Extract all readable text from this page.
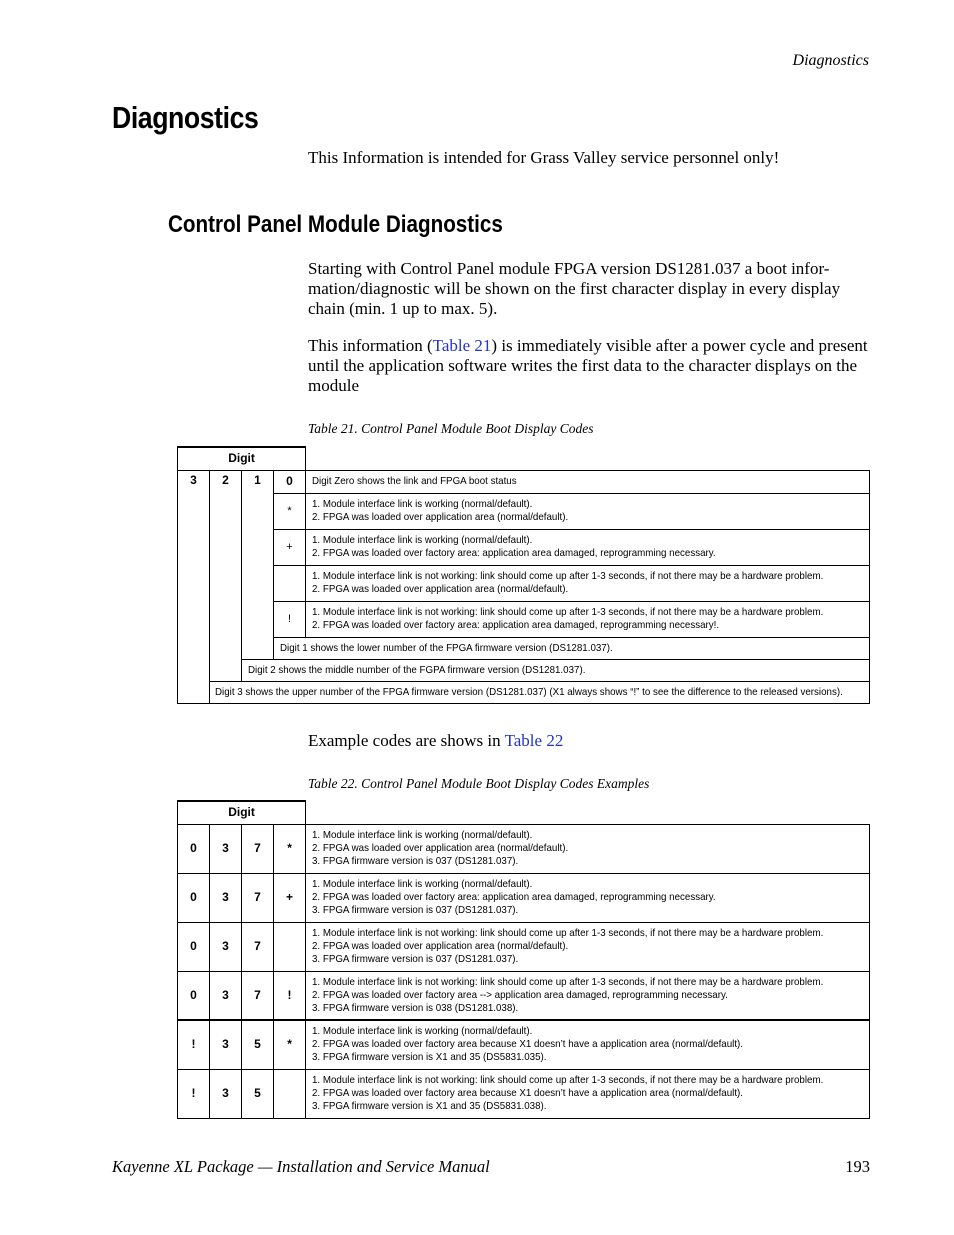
Diagnostics
Diagnostics
This Information is intended for Grass Valley service personnel only!
Control Panel Module Diagnostics
Starting with Control Panel module FPGA version DS1281.037 a boot infor- mation/diagnostic will be shown on the first character display in every display chain (min. 1 up to max. 5).
This information (Table 21) is immediately visible after a power cycle and present until the application software writes the first data to the character displays on the module
Table 21. Control Panel Module Boot Display Codes
Digit				
3	2	1	0	Digit Zero shows the link and FPGA boot status

			*	1. Module interface link is working (normal/default).
2. FPGA was loaded over application area (normal/default).

			+	1. Module interface link is working (normal/default).
2. FPGA was loaded over factory area: application area damaged, reprogramming necessary.

				1. Module interface link is not working: link should come up after 1-3 seconds, if not there may be a hardware problem.
2. FPGA was loaded over application area (normal/default).

			!	1. Module interface link is not working: link should come up after 1-3 seconds, if not there may be a hardware problem.
2. FPGA was loaded over factory area: application area damaged, reprogramming necessary!.

			Digit 1 shows the lower number of the FPGA firmware version (DS1281.037).	

		Digit 2 shows the middle number of the FGPA firmware version (DS1281.037).		

	Digit 3 shows the upper number of the FPGA firmware version (DS1281.037) (X1 always shows “!” to see the difference to the released versions).			
Example codes are shows in Table 22
Table 22. Control Panel Module Boot Display Codes Examples
Digit				
0	3	7	*	1. Module interface link is working (normal/default).
2. FPGA was loaded over application area (normal/default).
3. FPGA firmware version is 037 (DS1281.037).

0	3	7	+	1. Module interface link is working (normal/default).
2. FPGA was loaded over factory area: application area damaged, reprogramming necessary.
3. FPGA firmware version is 037 (DS1281.037).

0	3	7		1. Module interface link is not working: link should come up after 1-3 seconds, if not there may be a hardware problem.
2. FPGA was loaded over application area (normal/default).
3. FPGA firmware version is 037 (DS1281.037).

0	3	7	!	1. Module interface link is not working: link should come up after 1-3 seconds, if not there may be a hardware problem.
2. FPGA was loaded over factory area --> application area damaged, reprogramming necessary.
3. FPGA firmware version is 038 (DS1281.038).

!	3	5	*	1. Module interface link is working (normal/default).
2. FPGA was loaded over factory area because X1 doesn’t have a application area (normal/default).
3. FPGA firmware version is X1 and 35 (DS5831.035).

!	3	5		1. Module interface link is not working: link should come up after 1-3 seconds, if not there may be a hardware problem.
2. FPGA was loaded over factory area because X1 doesn’t have a application area (normal/default).
3. FPGA firmware version is X1 and 35 (DS5831.038).
Kayenne XL Package — Installation and Service Manual	193
